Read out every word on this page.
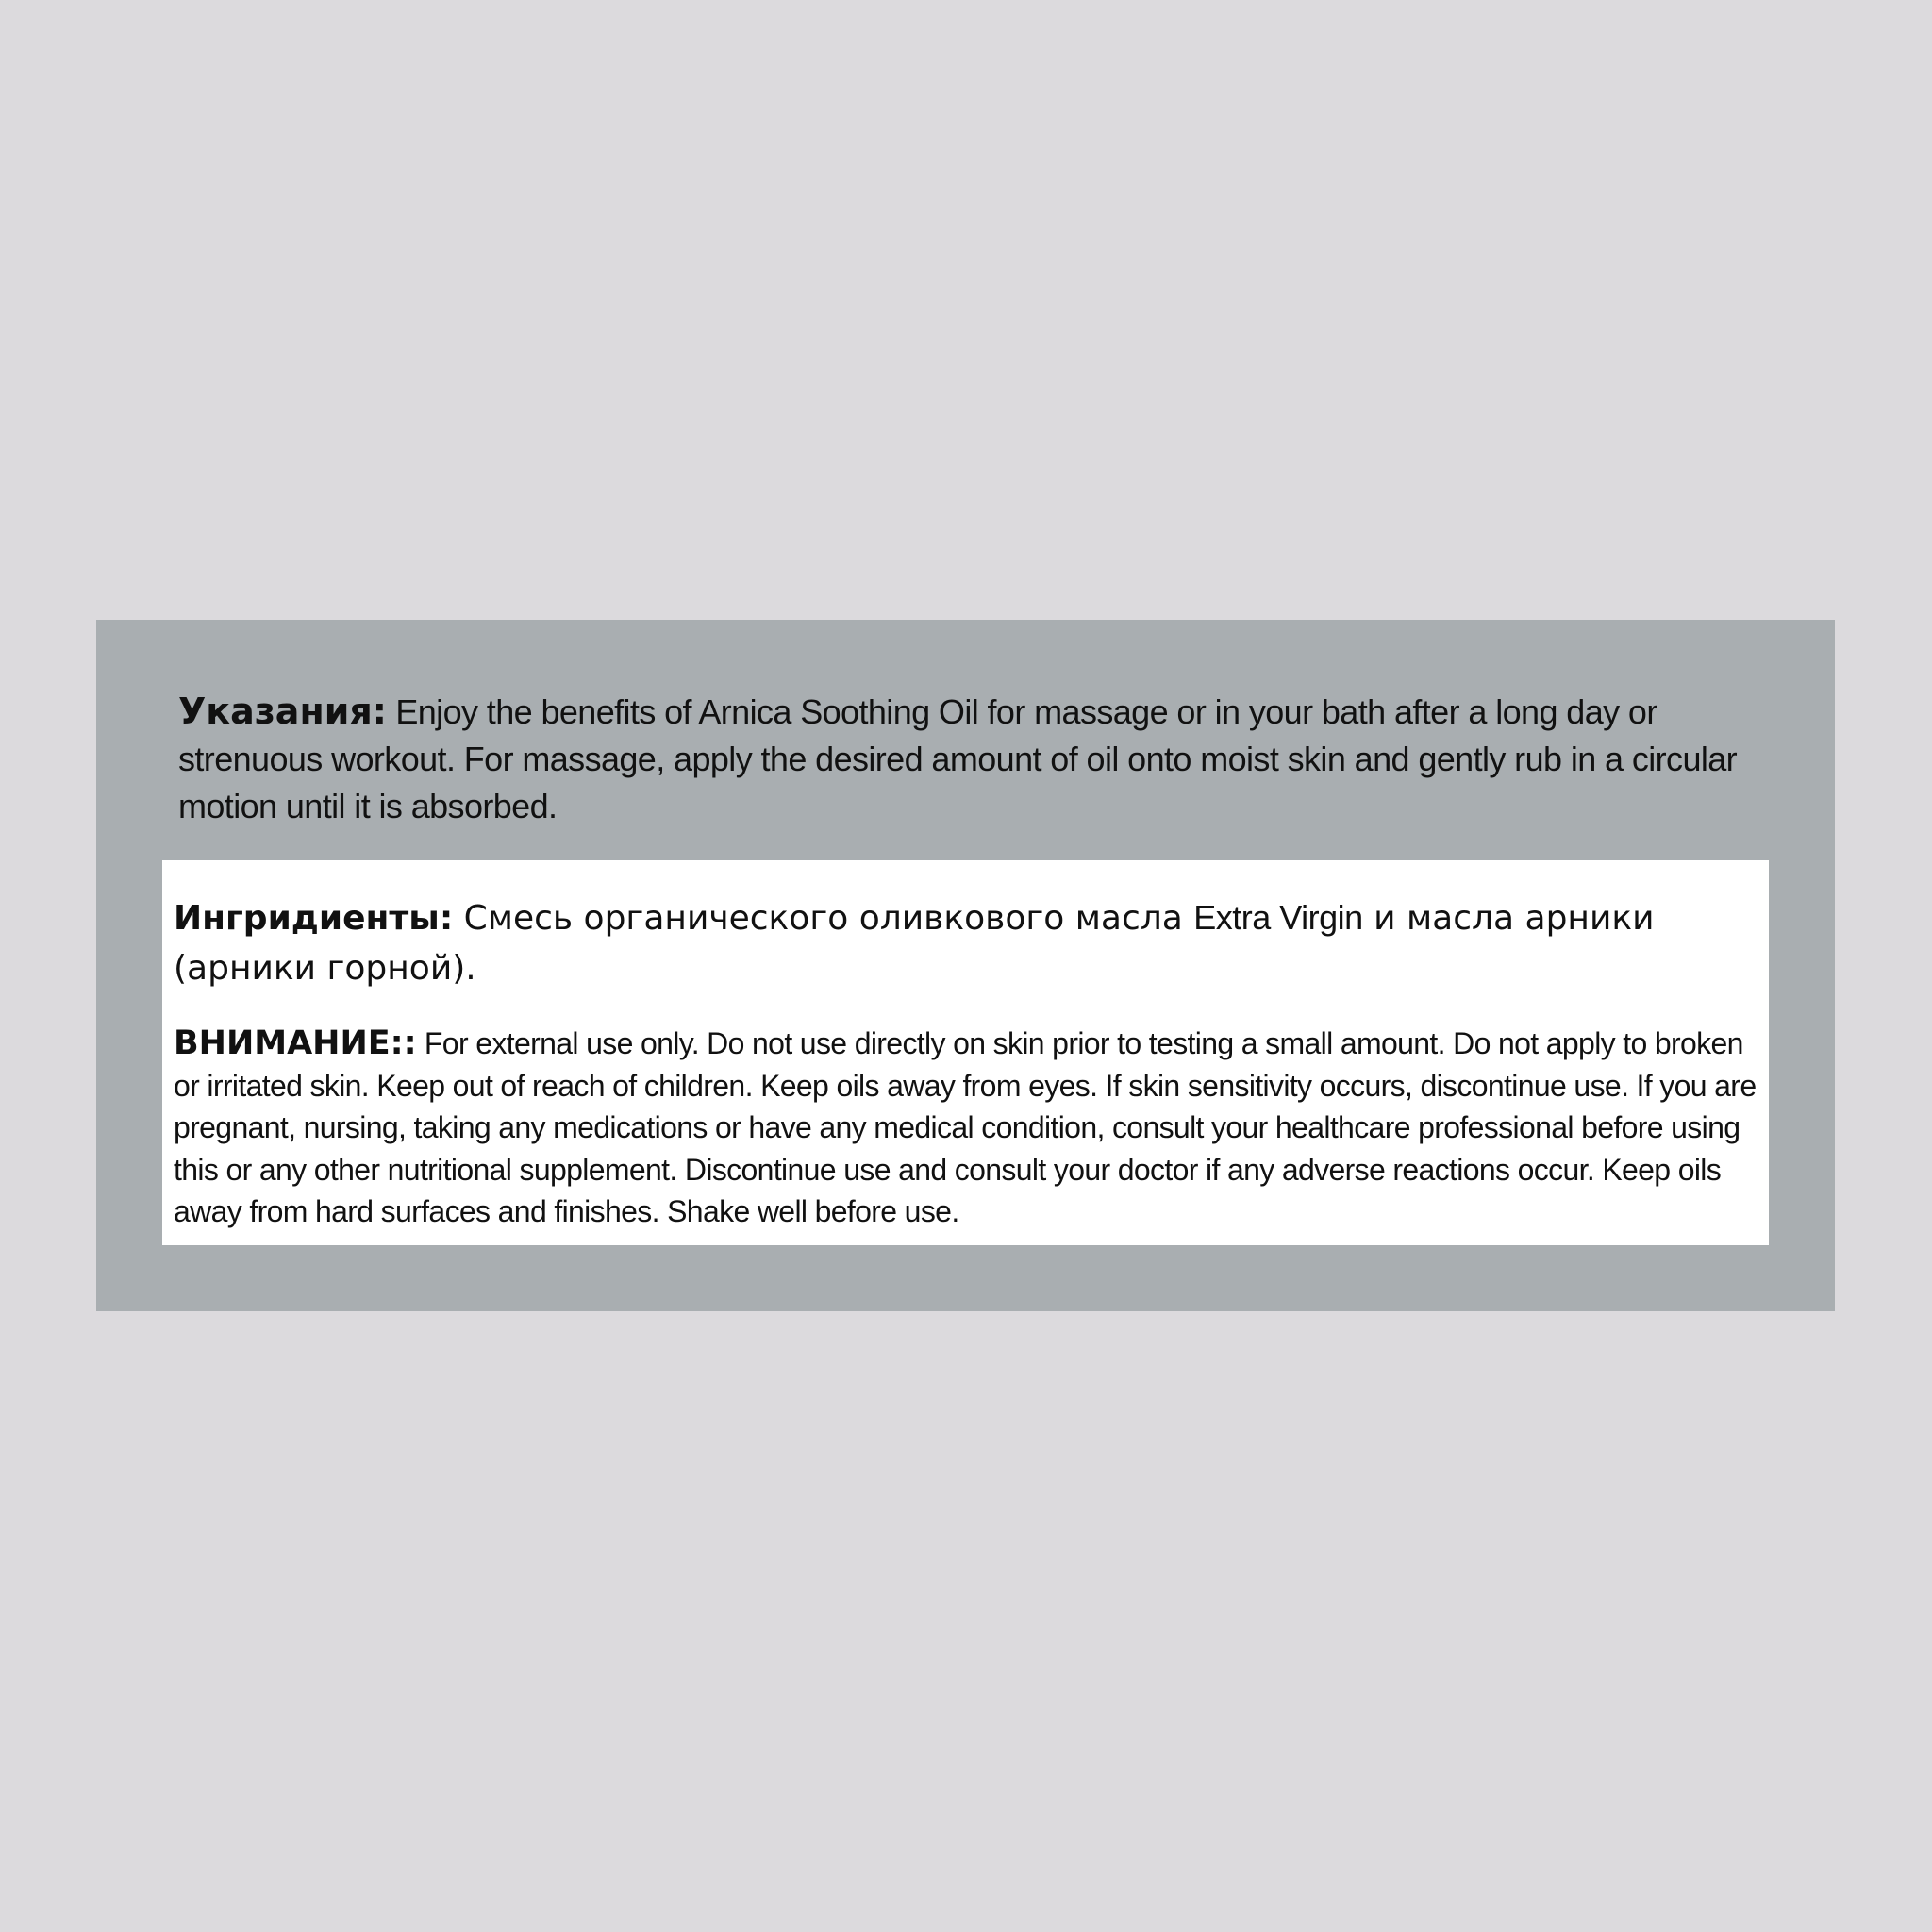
Указания: Enjoy the benefits of Arnica Soothing Oil for massage or in your bath after a long day or strenuous workout. For massage, apply the desired amount of oil onto moist skin and gently rub in a circular motion until it is absorbed.
Ингридиенты: Смесь органического оливкового масла Extra Virgin и масла арники (арники горной).
ВНИМАНИЕ:: For external use only. Do not use directly on skin prior to testing a small amount. Do not apply to broken or irritated skin. Keep out of reach of children. Keep oils away from eyes. If skin sensitivity occurs, discontinue use. If you are pregnant, nursing, taking any medications or have any medical condition, consult your healthcare professional before using this or any other nutritional supplement. Discontinue use and consult your doctor if any adverse reactions occur. Keep oils away from hard surfaces and finishes. Shake well before use.
